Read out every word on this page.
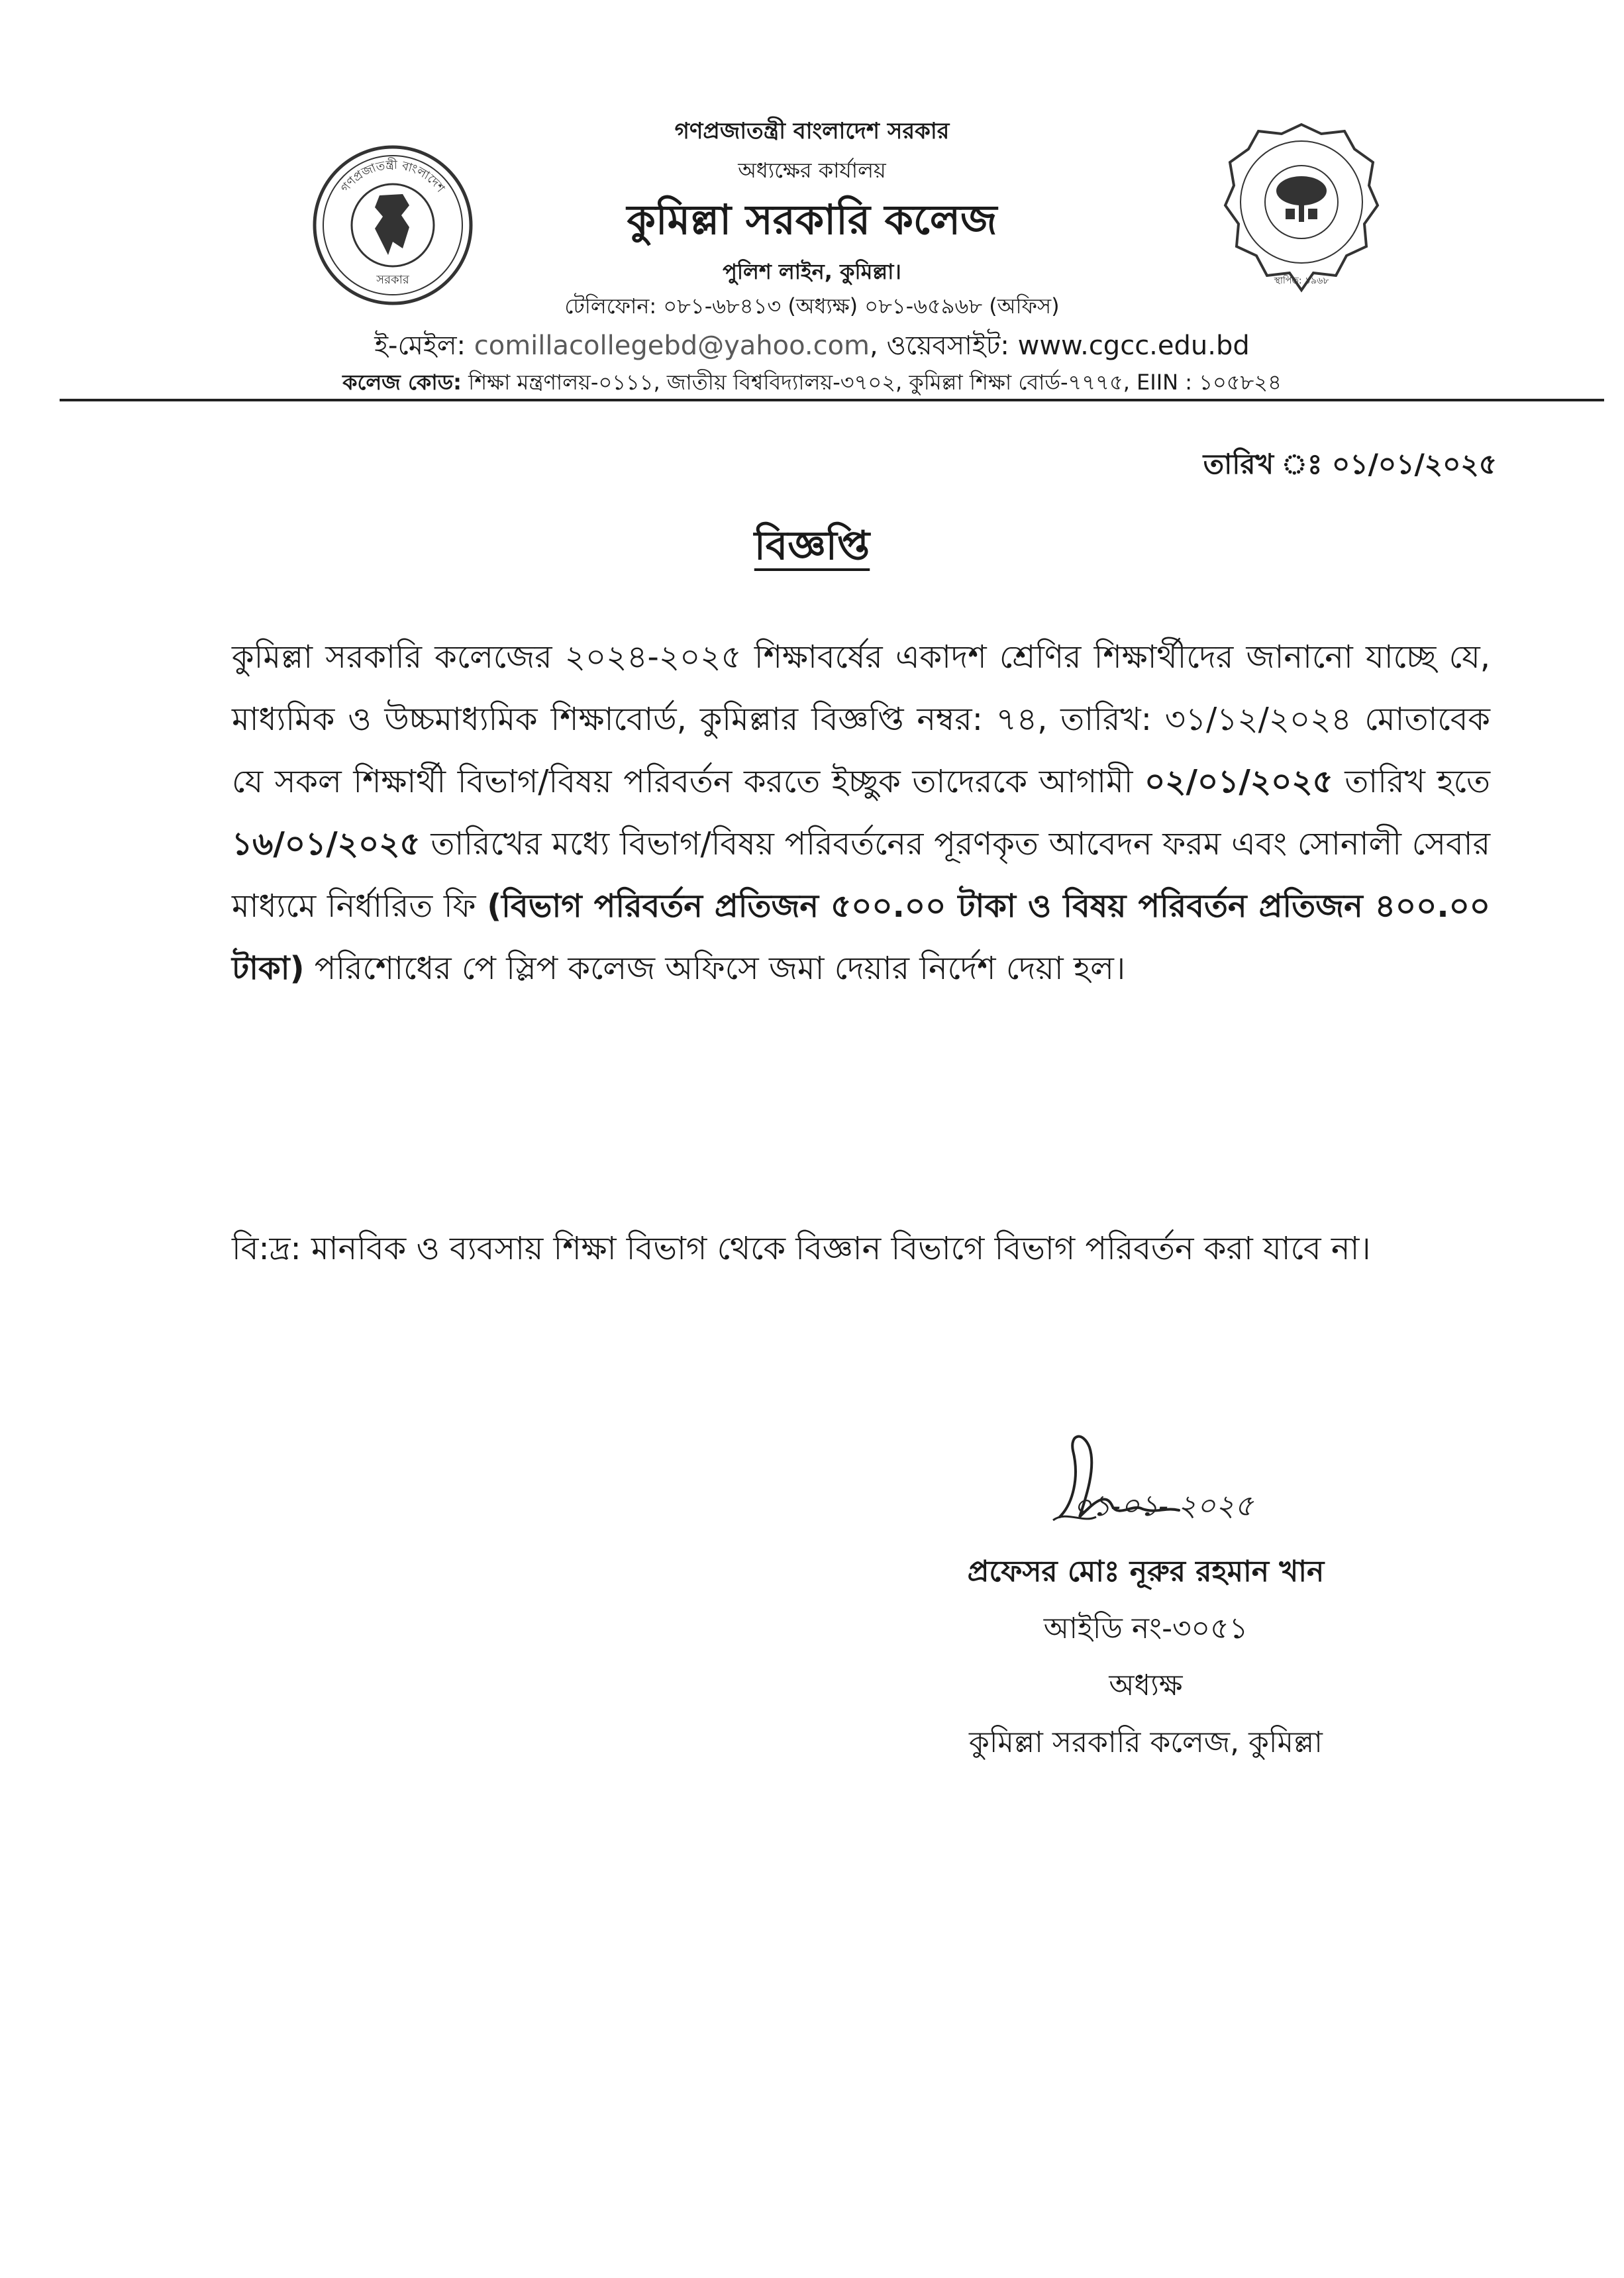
সরকার
গণপ্রজাতন্ত্রী বাংলাদেশ
স্থাপিত: ১৯৬৮
গণপ্রজাতন্ত্রী বাংলাদেশ সরকার
অধ্যক্ষের কার্যালয়
কুমিল্লা সরকারি কলেজ
পুলিশ লাইন, কুমিল্লা।
টেলিফোন: ০৮১-৬৮৪১৩ (অধ্যক্ষ) ০৮১-৬৫৯৬৮ (অফিস)
ই-মেইল: comillacollegebd@yahoo.com, ওয়েবসাইট: www.cgcc.edu.bd
কলেজ কোড: শিক্ষা মন্ত্রণালয়-০১১১, জাতীয় বিশ্ববিদ্যালয়-৩৭০২, কুমিল্লা শিক্ষা বোর্ড-৭৭৭৫, EIIN : ১০৫৮২৪
তারিখ ঃ ০১/০১/২০২৫
বিজ্ঞপ্তি
কুমিল্লা সরকারি কলেজের ২০২৪-২০২৫ শিক্ষাবর্ষের একাদশ শ্রেণির শিক্ষার্থীদের জানানো যাচ্ছে যে, মাধ্যমিক ও উচ্চমাধ্যমিক শিক্ষাবোর্ড, কুমিল্লার বিজ্ঞপ্তি নম্বর: ৭৪, তারিখ: ৩১/১২/২০২৪ মোতাবেক যে সকল শিক্ষার্থী বিভাগ/বিষয় পরিবর্তন করতে ইচ্ছুক তাদেরকে আগামী ০২/০১/২০২৫ তারিখ হতে ১৬/০১/২০২৫ তারিখের মধ্যে বিভাগ/বিষয় পরিবর্তনের পূরণকৃত আবেদন ফরম এবং সোনালী সেবার মাধ্যমে নির্ধারিত ফি (বিভাগ পরিবর্তন প্রতিজন ৫০০.০০ টাকা ও বিষয় পরিবর্তন প্রতিজন ৪০০.০০ টাকা) পরিশোধের পে স্লিপ কলেজ অফিসে জমা দেয়ার নির্দেশ দেয়া হল।
বি:দ্র: মানবিক ও ব্যবসায় শিক্ষা বিভাগ থেকে বিজ্ঞান বিভাগে বিভাগ পরিবর্তন করা যাবে না।
০১-০১- ২০২৫
প্রফেসর মোঃ নূরুর রহমান খান
আইডি নং-৩০৫১
অধ্যক্ষ
কুমিল্লা সরকারি কলেজ, কুমিল্লা
